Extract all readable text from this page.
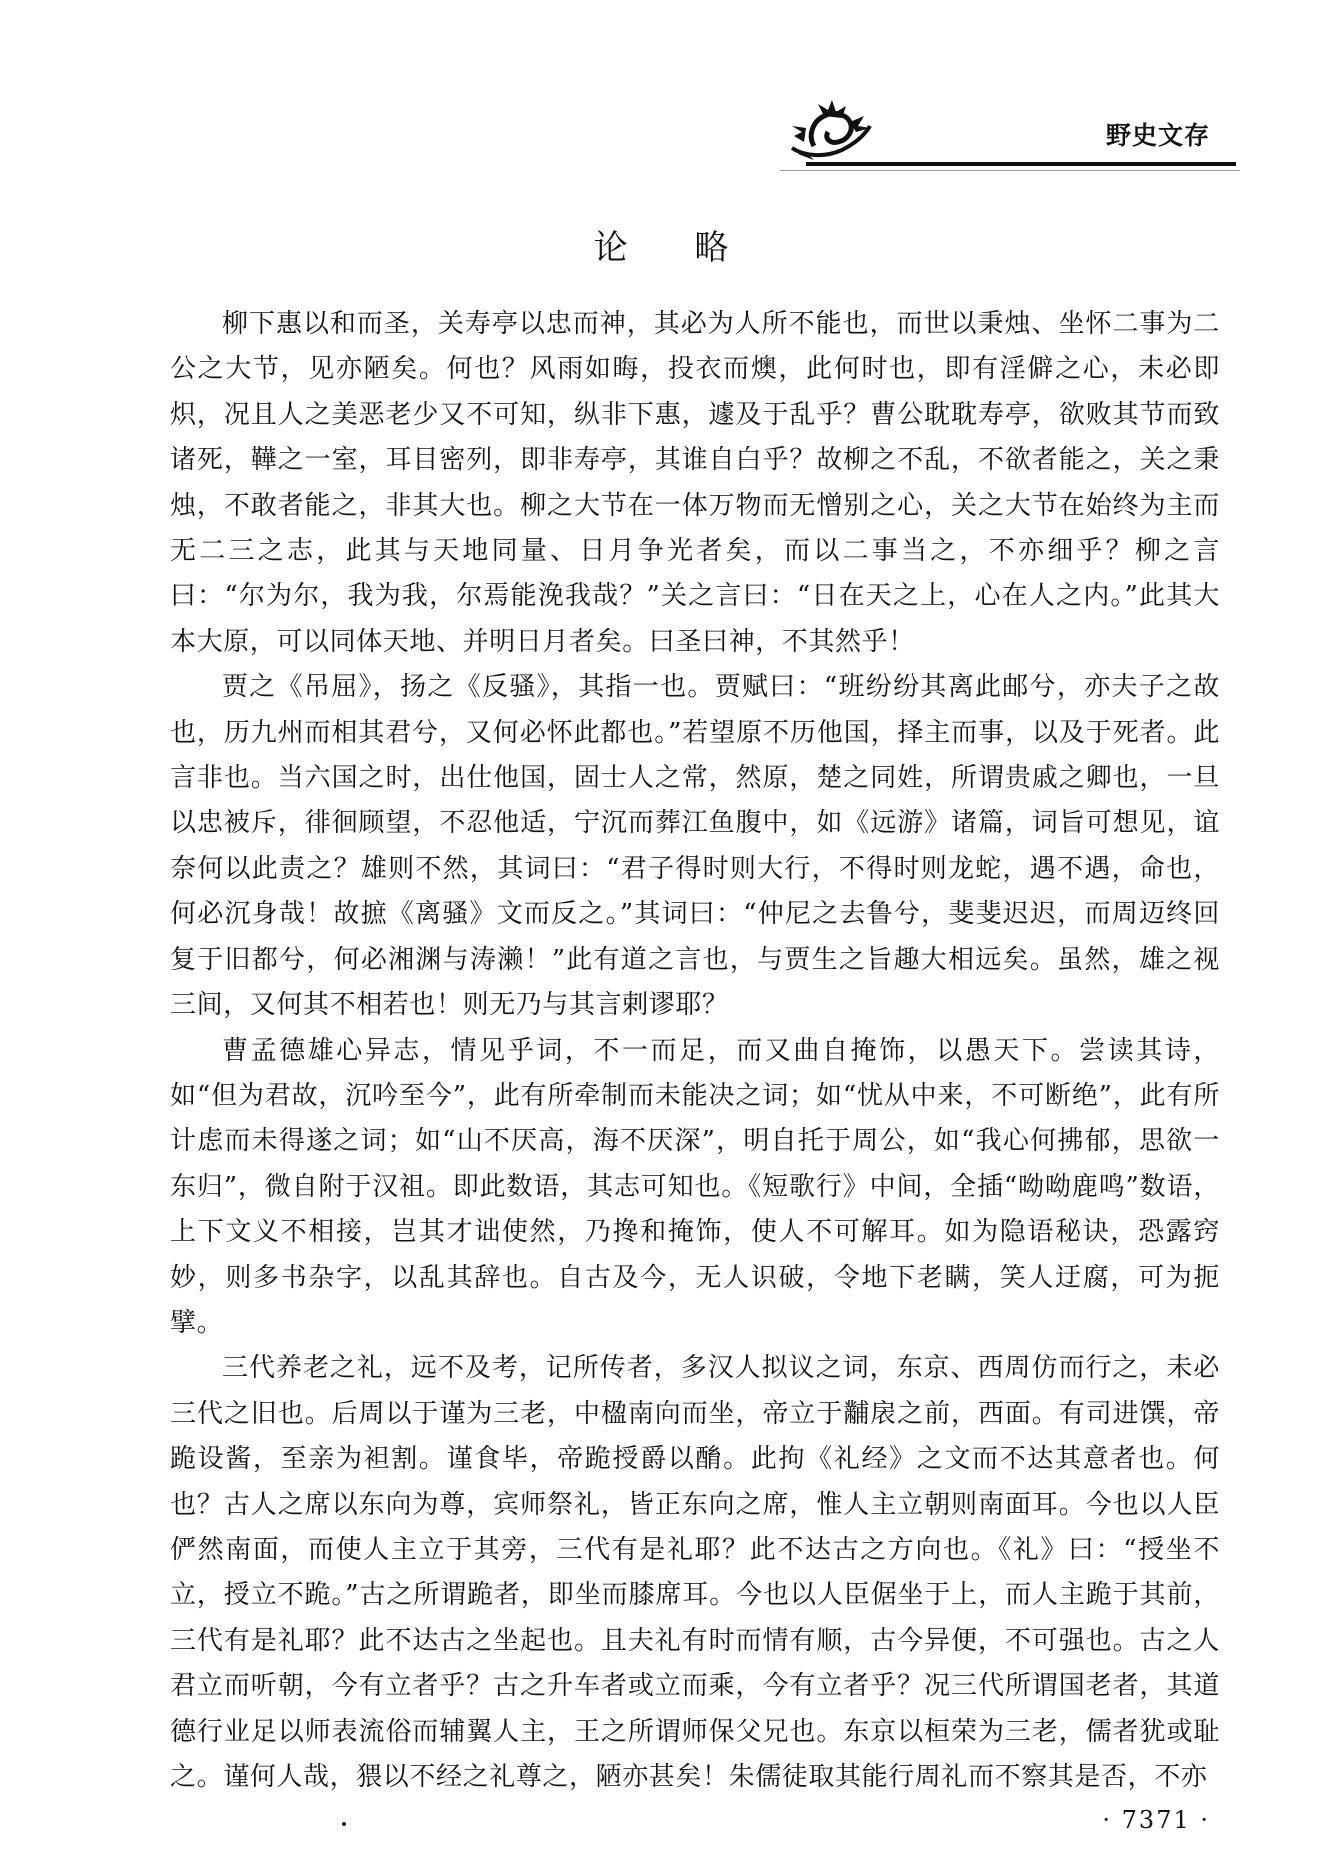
野史文存
论 略

柳下惠以和而圣，关寿亭以忠而神，其必为人所不能也，而世以秉烛、坐怀二事为二公之大节，见亦陋矣。何也？风雨如晦，投衣而燠，此何时也，即有淫僻之心，未必即炽，况且人之美恶老少又不可知，纵非下惠，遽及于乱乎？曹公耽耽寿亭，欲败其节而致诸死，鞾之一室，耳目密列，即非寿亭，其谁自白乎？故柳之不乱，不欲者能之，关之秉烛，不敢者能之，非其大也。柳之大节在一体万物而无憎别之心，关之大节在始终为主而无二三之志，此其与天地同量、日月争光者矣，而以二事当之，不亦细乎？柳之言曰：“尔为尔，我为我，尔焉能浼我哉？”关之言曰：“日在天之上，心在人之内。”此其大本大原，可以同体天地、并明日月者矣。曰圣曰神，不其然乎！

贾之《吊屈》，扬之《反骚》，其指一也。贾赋曰：“班纷纷其离此邮兮，亦夫子之故也，历九州而相其君兮，又何必怀此都也。”若望原不历他国，择主而事，以及于死者。此言非也。当六国之时，出仕他国，固士人之常，然原，楚之同姓，所谓贵戚之卿也，一旦以忠被斥，徘徊顾望，不忍他适，宁沉而葬江鱼腹中，如《远游》诸篇，词旨可想见，谊奈何以此责之？雄则不然，其词曰：“君子得时则大行，不得时则龙蛇，遇不遇，命也，何必沉身哉！故摭《离骚》文而反之。”其词曰：“仲尼之去鲁兮，斐斐迟迟，而周迈终回复于旧都兮，何必湘渊与涛濑！”此有道之言也，与贾生之旨趣大相远矣。虽然，雄之视三间，又何其不相若也！则无乃与其言剌谬耶？

曹孟德雄心异志，情见乎词，不一而足，而又曲自掩饰，以愚天下。尝读其诗，如“但为君故，沉吟至今”，此有所牵制而未能决之词；如“忧从中来，不可断绝”，此有所计虑而未得遂之词；如“山不厌高，海不厌深”，明自托于周公，如“我心何拂郁，思欲一东归”，微自附于汉祖。即此数语，其志可知也。《短歌行》中间，全插“呦呦鹿鸣”数语，上下文义不相接，岂其才诎使然，乃搀和掩饰，使人不可解耳。如为隐语秘诀，恐露窍妙，则多书杂字，以乱其辞也。自古及今，无人识破，令地下老瞒，笑人迂腐，可为扼擘。

三代养老之礼，远不及考，记所传者，多汉人拟议之词，东京、西周仿而行之，未必三代之旧也。后周以于谨为三老，中楹南向而坐，帝立于黼扆之前，西面。有司进馔，帝跪设酱，至亲为袒割。谨食毕，帝跪授爵以酳。此拘《礼经》之文而不达其意者也。何也？古人之席以东向为尊，宾师祭礼，皆正东向之席，惟人主立朝则南面耳。今也以人臣俨然南面，而使人主立于其旁，三代有是礼耶？此不达古之方向也。《礼》曰：“授坐不立，授立不跪。”古之所谓跪者，即坐而膝席耳。今也以人臣倨坐于上，而人主跪于其前，三代有是礼耶？此不达古之坐起也。且夫礼有时而情有顺，古今异便，不可强也。古之人君立而听朝，今有立者乎？古之升车者或立而乘，今有立者乎？况三代所谓国老者，其道德行业足以师表流俗而辅翼人主，王之所谓师保父兄也。东京以桓荣为三老，儒者犹或耻之。谨何人哉，猥以不经之礼尊之，陋亦甚矣！朱儒徒取其能行周礼而不察其是否，不亦

· 7371 ·
